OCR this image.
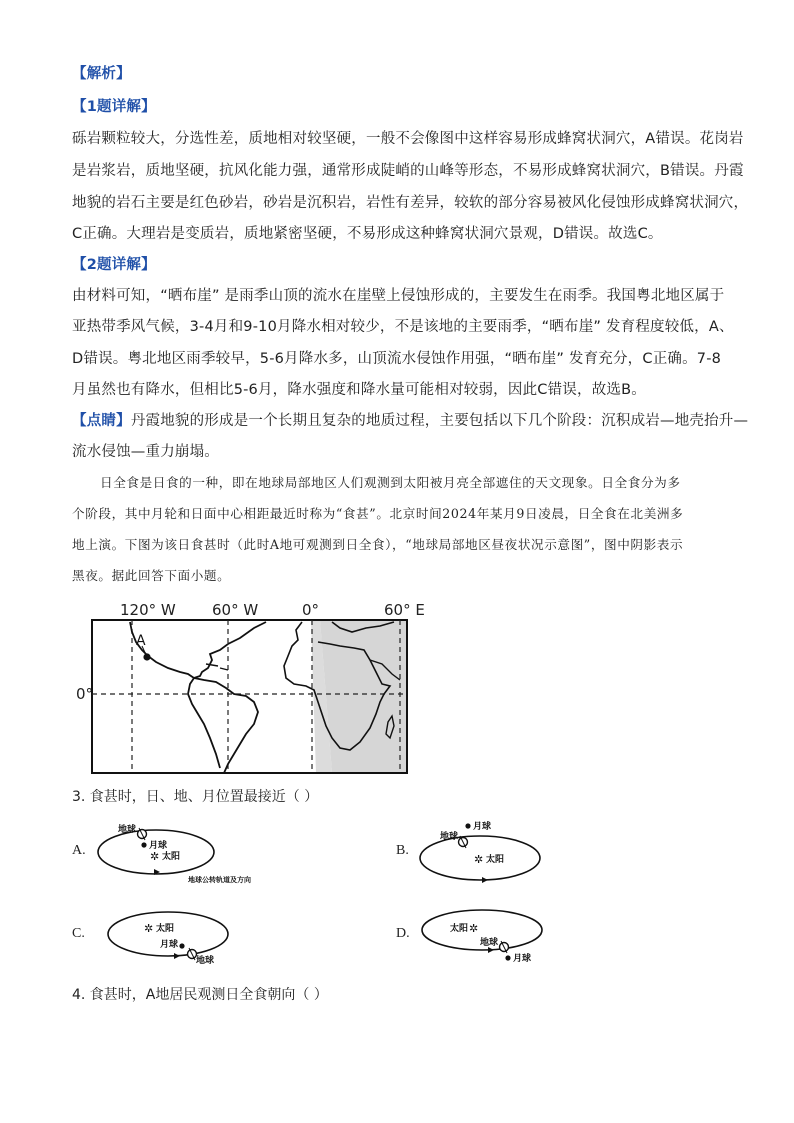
【解析】
【1题详解】
砾岩颗粒较大，分选性差，质地相对较坚硬，一般不会像图中这样容易形成蜂窝状洞穴，A错误。花岗岩
是岩浆岩，质地坚硬，抗风化能力强，通常形成陡峭的山峰等形态，不易形成蜂窝状洞穴，B错误。丹霞
地貌的岩石主要是红色砂岩，砂岩是沉积岩，岩性有差异，较软的部分容易被风化侵蚀形成蜂窝状洞穴，
C正确。大理岩是变质岩，质地紧密坚硬，不易形成这种蜂窝状洞穴景观，D错误。故选C。
【2题详解】
由材料可知，“晒布崖” 是雨季山顶的流水在崖壁上侵蚀形成的，主要发生在雨季。我国粤北地区属于
亚热带季风气候，3-4月和9-10月降水相对较少，不是该地的主要雨季，“晒布崖” 发育程度较低，A、
D错误。粤北地区雨季较早，5-6月降水多，山顶流水侵蚀作用强，“晒布崖” 发育充分，C正确。7-8
月虽然也有降水，但相比5-6月，降水强度和降水量可能相对较弱，因此C错误，故选B。
【点睛】丹霞地貌的形成是一个长期且复杂的地质过程，主要包括以下几个阶段：沉积成岩—地壳抬升—
流水侵蚀—重力崩塌。
日全食是日食的一种，即在地球局部地区人们观测到太阳被月亮全部遮住的天文现象。日全食分为多
个阶段，其中月轮和日面中心相距最近时称为“食甚”。北京时间2024年某月9日凌晨，日全食在北美洲多
地上演。下图为该日食甚时（此时A地可观测到日全食），“地球局部地区昼夜状况示意图”，图中阴影表示
黑夜。据此回答下面小题。
120° W 60° W	0°	60° E
0°
A
3. 食甚时，日、地、月位置最接近（ ）
A.
地球
月球
✲ 太阳
地球公转轨道及方向
B.
地球
月球
✲ 太阳
C.	✲ 太阳
月球
地球
D.	太阳 ✲
地球
月球
4. 食甚时，A地居民观测日全食朝向（ ）
